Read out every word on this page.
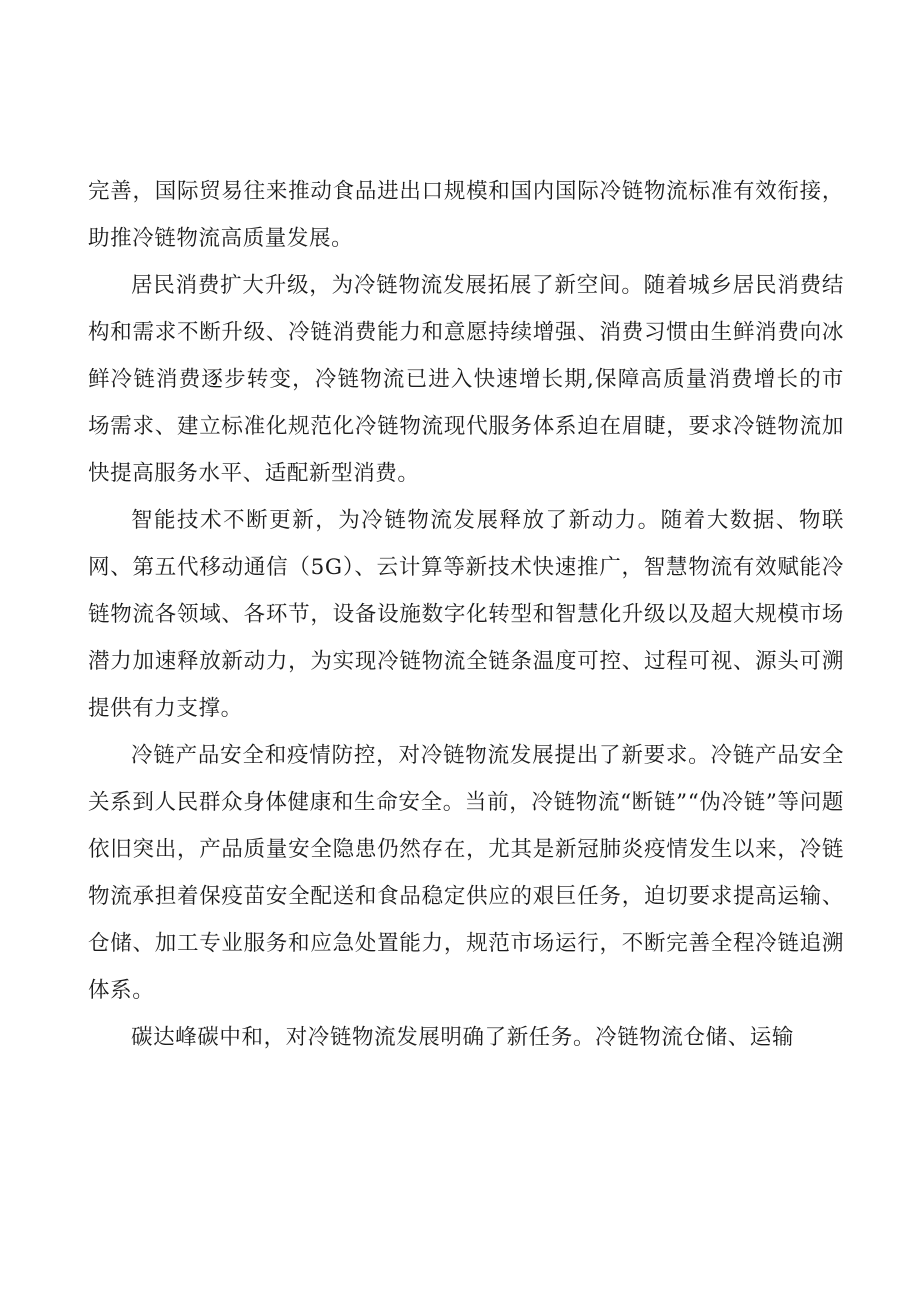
完善，国际贸易往来推动食品进出口规模和国内国际冷链物流标准有效衔接，助推冷链物流高质量发展。

居民消费扩大升级，为冷链物流发展拓展了新空间。随着城乡居民消费结构和需求不断升级、冷链消费能力和意愿持续增强、消费习惯由生鲜消费向冰鲜冷链消费逐步转变，冷链物流已进入快速增长期,保障高质量消费增长的市场需求、建立标准化规范化冷链物流现代服务体系迫在眉睫，要求冷链物流加快提高服务水平、适配新型消费。

智能技术不断更新，为冷链物流发展释放了新动力。随着大数据、物联网、第五代移动通信（5G）、云计算等新技术快速推广，智慧物流有效赋能冷链物流各领域、各环节，设备设施数字化转型和智慧化升级以及超大规模市场潜力加速释放新动力，为实现冷链物流全链条温度可控、过程可视、源头可溯提供有力支撑。

冷链产品安全和疫情防控，对冷链物流发展提出了新要求。冷链产品安全关系到人民群众身体健康和生命安全。当前，冷链物流“断链”“伪冷链”等问题依旧突出，产品质量安全隐患仍然存在，尤其是新冠肺炎疫情发生以来，冷链物流承担着保疫苗安全配送和食品稳定供应的艰巨任务，迫切要求提高运输、仓储、加工专业服务和应急处置能力，规范市场运行，不断完善全程冷链追溯体系。

碳达峰碳中和，对冷链物流发展明确了新任务。冷链物流仓储、运输
